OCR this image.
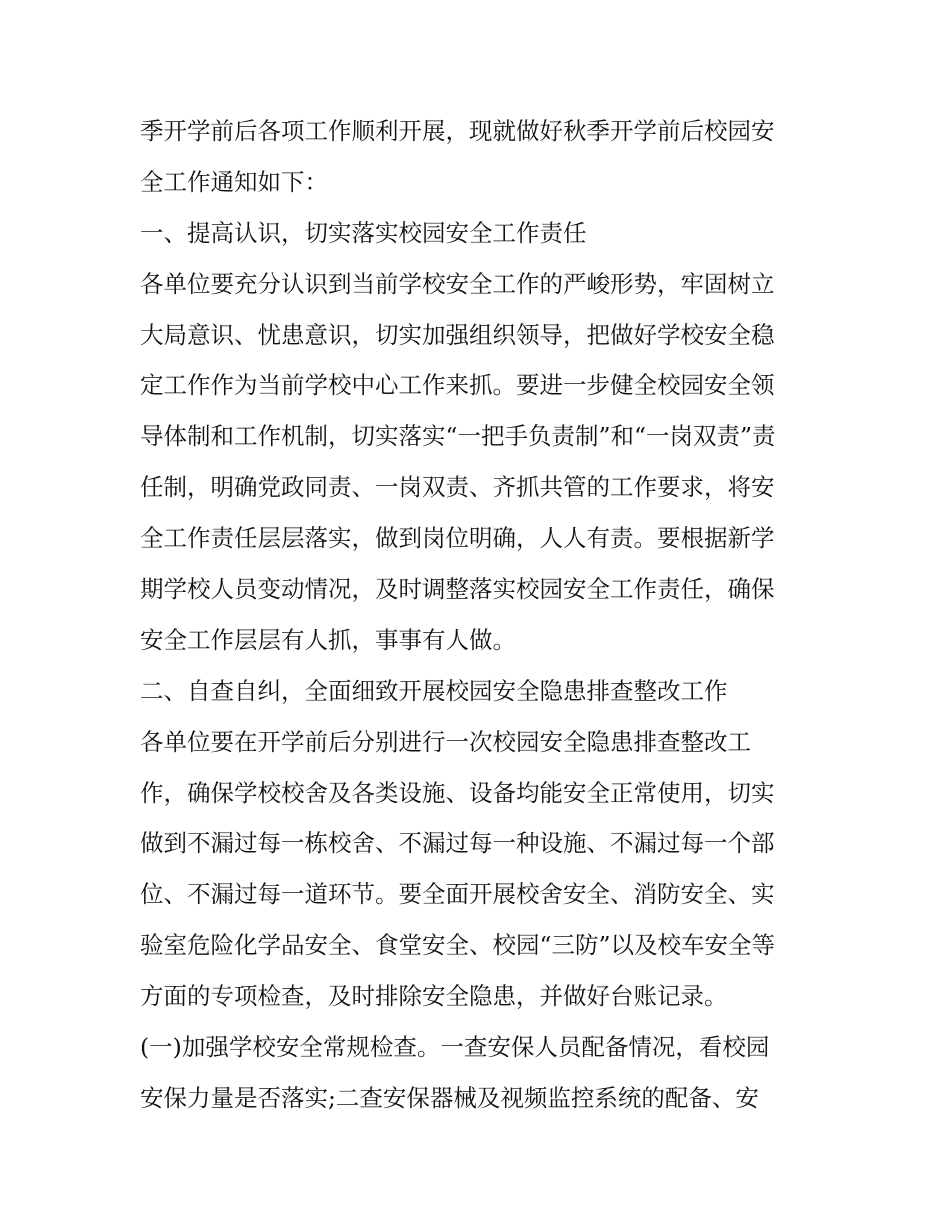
季开学前后各项工作顺利开展，现就做好秋季开学前后校园安
全工作通知如下：
一、提高认识，切实落实校园安全工作责任
各单位要充分认识到当前学校安全工作的严峻形势，牢固树立
大局意识、忧患意识，切实加强组织领导，把做好学校安全稳
定工作作为当前学校中心工作来抓。要进一步健全校园安全领
导体制和工作机制，切实落实“一把手负责制”和“一岗双责”责
任制，明确党政同责、一岗双责、齐抓共管的工作要求，将安
全工作责任层层落实，做到岗位明确，人人有责。要根据新学
期学校人员变动情况，及时调整落实校园安全工作责任，确保
安全工作层层有人抓，事事有人做。
二、自查自纠，全面细致开展校园安全隐患排查整改工作
各单位要在开学前后分别进行一次校园安全隐患排查整改工
作，确保学校校舍及各类设施、设备均能安全正常使用，切实
做到不漏过每一栋校舍、不漏过每一种设施、不漏过每一个部
位、不漏过每一道环节。要全面开展校舍安全、消防安全、实
验室危险化学品安全、食堂安全、校园“三防”以及校车安全等
方面的专项检查，及时排除安全隐患，并做好台账记录。
(一)加强学校安全常规检查。一查安保人员配备情况，看校园
安保力量是否落实;二查安保器械及视频监控系统的配备、安
